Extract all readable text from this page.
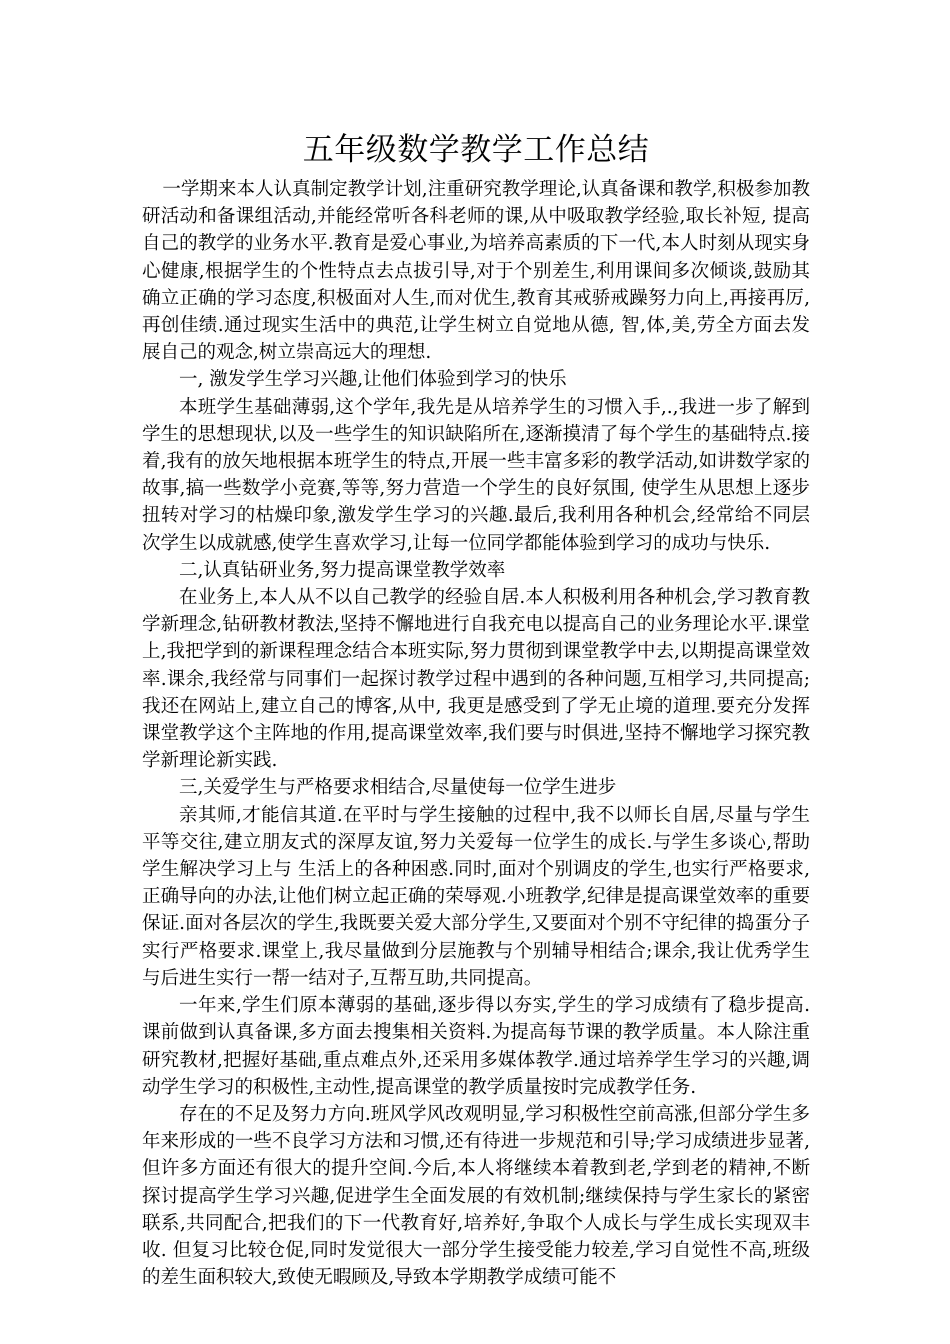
五年级数学教学工作总结

一学期来本人认真制定教学计划,注重研究教学理论,认真备课和教学,积极参加教研活动和备课组活动,并能经常听各科老师的课,从中吸取教学经验,取长补短, 提高自己的教学的业务水平.教育是爱心事业,为培养高素质的下一代,本人时刻从现实身心健康,根据学生的个性特点去点拔引导,对于个别差生,利用课间多次倾谈,鼓励其确立正确的学习态度,积极面对人生,而对优生,教育其戒骄戒躁努力向上,再接再厉,再创佳绩.通过现实生活中的典范,让学生树立自觉地从德, 智,体,美,劳全方面去发展自己的观念,树立崇高远大的理想.

一, 激发学生学习兴趣,让他们体验到学习的快乐

本班学生基础薄弱,这个学年,我先是从培养学生的习惯入手,.,我进一步了解到学生的思想现状,以及一些学生的知识缺陷所在,逐渐摸清了每个学生的基础特点.接着,我有的放矢地根据本班学生的特点,开展一些丰富多彩的教学活动,如讲数学家的故事,搞一些数学小竞赛,等等,努力营造一个学生的良好氛围, 使学生从思想上逐步扭转对学习的枯燥印象,激发学生学习的兴趣.最后,我利用各种机会,经常给不同层次学生以成就感,使学生喜欢学习,让每一位同学都能体验到学习的成功与快乐.

二,认真钻研业务,努力提高课堂教学效率

在业务上,本人从不以自己教学的经验自居.本人积极利用各种机会,学习教育教学新理念,钻研教材教法,坚持不懈地进行自我充电以提高自己的业务理论水平.课堂上,我把学到的新课程理念结合本班实际,努力贯彻到课堂教学中去,以期提高课堂效率.课余,我经常与同事们一起探讨教学过程中遇到的各种问题,互相学习,共同提高;我还在网站上,建立自己的博客,从中, 我更是感受到了学无止境的道理.要充分发挥课堂教学这个主阵地的作用,提高课堂效率,我们要与时俱进,坚持不懈地学习探究教学新理论新实践.

三,关爱学生与严格要求相结合,尽量使每一位学生进步

亲其师,才能信其道.在平时与学生接触的过程中,我不以师长自居,尽量与学生平等交往,建立朋友式的深厚友谊,努力关爱每一位学生的成长.与学生多谈心,帮助学生解决学习上与 生活上的各种困惑.同时,面对个别调皮的学生,也实行严格要求,正确导向的办法,让他们树立起正确的荣辱观.小班教学,纪律是提高课堂效率的重要保证.面对各层次的学生,我既要关爱大部分学生,又要面对个别不守纪律的捣蛋分子实行严格要求.课堂上,我尽量做到分层施教与个别辅导相结合;课余,我让优秀学生与后进生实行一帮一结对子,互帮互助,共同提高。

一年来,学生们原本薄弱的基础,逐步得以夯实,学生的学习成绩有了稳步提高.课前做到认真备课,多方面去搜集相关资料.为提高每节课的教学质量。本人除注重研究教材,把握好基础,重点难点外,还采用多媒体教学.通过培养学生学习的兴趣,调动学生学习的积极性,主动性,提高课堂的教学质量按时完成教学任务.

存在的不足及努力方向.班风学风改观明显,学习积极性空前高涨,但部分学生多年来形成的一些不良学习方法和习惯,还有待进一步规范和引导;学习成绩进步显著,但许多方面还有很大的提升空间.今后,本人将继续本着教到老,学到老的精神,不断探讨提高学生学习兴趣,促进学生全面发展的有效机制;继续保持与学生家长的紧密联系,共同配合,把我们的下一代教育好,培养好,争取个人成长与学生成长实现双丰收. 但复习比较仓促,同时发觉很大一部分学生接受能力较差,学习自觉性不高,班级的差生面积较大,致使无暇顾及,导致本学期教学成绩可能不
